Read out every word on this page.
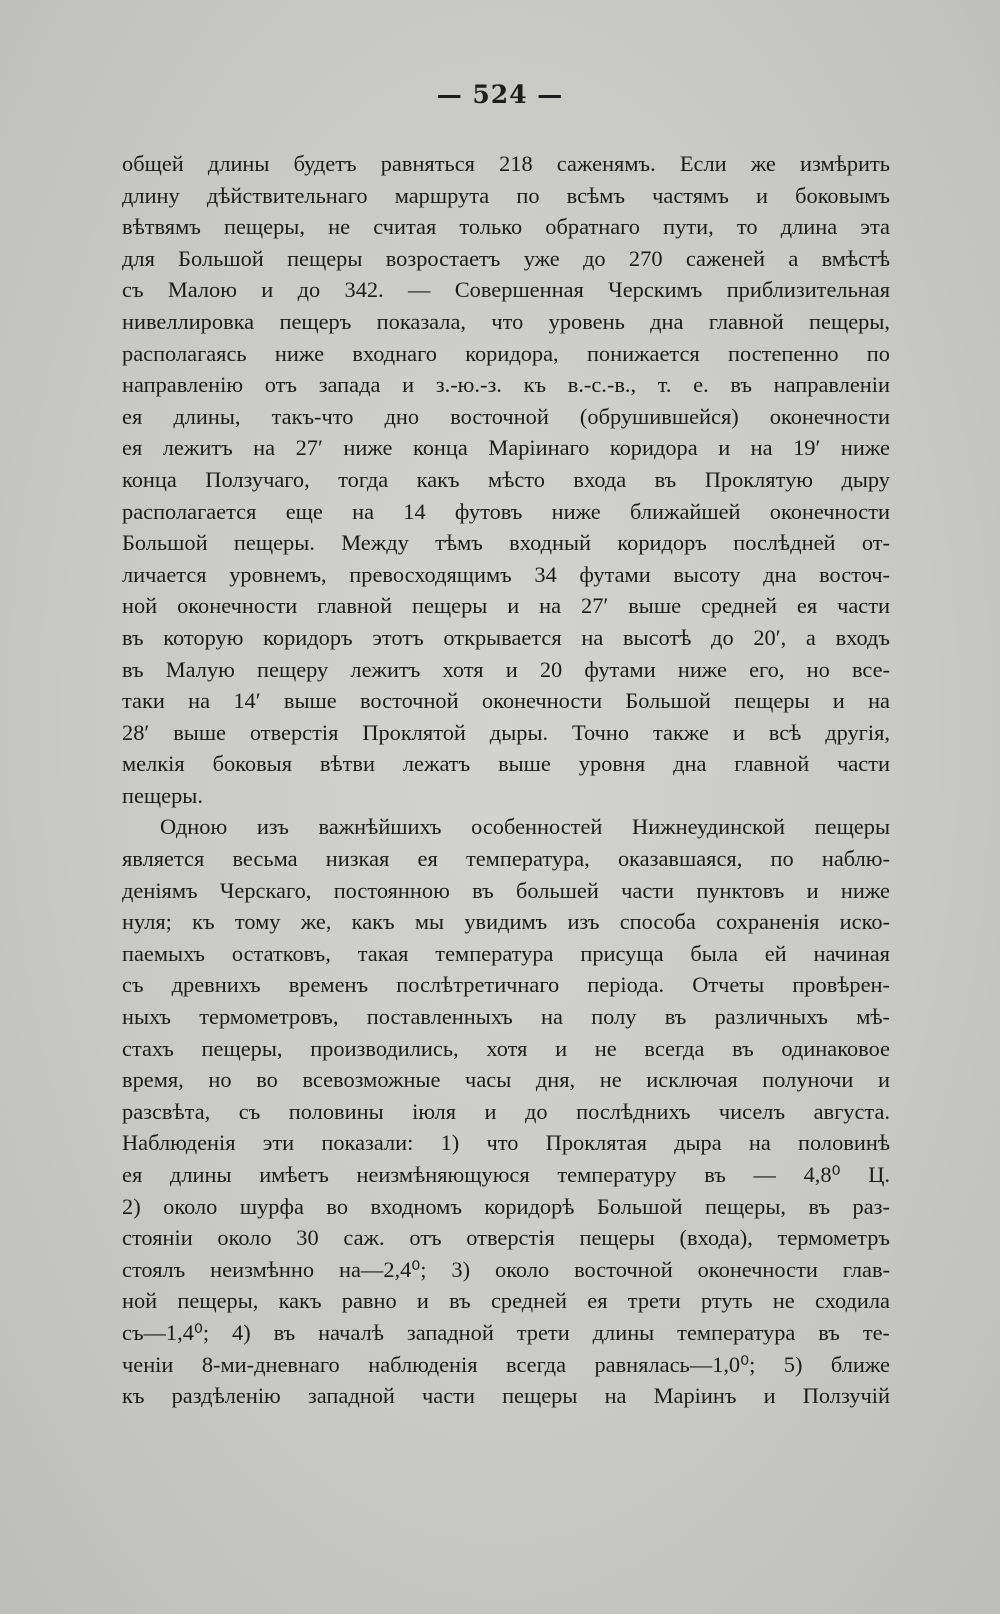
— 524 —
общей длины будетъ равняться 218 саженямъ. Если же измѣрить
длину дѣйствительнаго маршрута по всѣмъ частямъ и боковымъ
вѣтвямъ пещеры, не считая только обратнаго пути, то длина эта
для Большой пещеры возростаетъ уже до 270 саженей а вмѣстѣ
съ Малою и до 342. — Совершенная Черскимъ приблизительная
нивеллировка пещеръ показала, что уровень дна главной пещеры,
располагаясь ниже входнаго коридора, понижается постепенно по
направленію отъ запада и з.-ю.-з. къ в.-с.-в., т. е. въ направленіи
ея длины, такъ-что дно восточной (обрушившейся) оконечности
ея лежитъ на 27′ ниже конца Маріинаго коридора и на 19′ ниже
конца Ползучаго, тогда какъ мѣсто входа въ Проклятую дыру
располагается еще на 14 футовъ ниже ближайшей оконечности
Большой пещеры. Между тѣмъ входный коридоръ послѣдней от-
личается уровнемъ, превосходящимъ 34 футами высоту дна восточ-
ной оконечности главной пещеры и на 27′ выше средней ея части
въ которую коридоръ этотъ открывается на высотѣ до 20′, а входъ
въ Малую пещеру лежитъ хотя и 20 футами ниже его, но все-
таки на 14′ выше восточной оконечности Большой пещеры и на
28′ выше отверстія Проклятой дыры. Точно также и всѣ другія,
мелкія боковыя вѣтви лежатъ выше уровня дна главной части
пещеры.
Одною изъ важнѣйшихъ особенностей Нижнеудинской пещеры
является весьма низкая ея температура, оказавшаяся, по наблю-
деніямъ Черскаго, постоянною въ большей части пунктовъ и ниже
нуля; къ тому же, какъ мы увидимъ изъ способа сохраненія иско-
паемыхъ остатковъ, такая температура присуща была ей начиная
съ древнихъ временъ послѣтретичнаго періода. Отчеты провѣрен-
ныхъ термометровъ, поставленныхъ на полу въ различныхъ мѣ-
стахъ пещеры, производились, хотя и не всегда въ одинаковое
время, но во всевозможные часы дня, не исключая полуночи и
разсвѣта, съ половины іюля и до послѣднихъ чиселъ августа.
Наблюденія эти показали: 1) что Проклятая дыра на половинѣ
ея длины имѣетъ неизмѣняющуюся температуру въ — 4,8⁰ Ц.
2) около шурфа во входномъ коридорѣ Большой пещеры, въ раз-
стояніи около 30 саж. отъ отверстія пещеры (входа), термометръ
стоялъ неизмѣнно на—2,4⁰; 3) около восточной оконечности глав-
ной пещеры, какъ равно и въ средней ея трети ртуть не сходила
съ—1,4⁰; 4) въ началѣ западной трети длины температура въ те-
ченіи 8-ми-дневнаго наблюденія всегда равнялась—1,0⁰; 5) ближе
къ раздѣленію западной части пещеры на Маріинъ и Ползучій
